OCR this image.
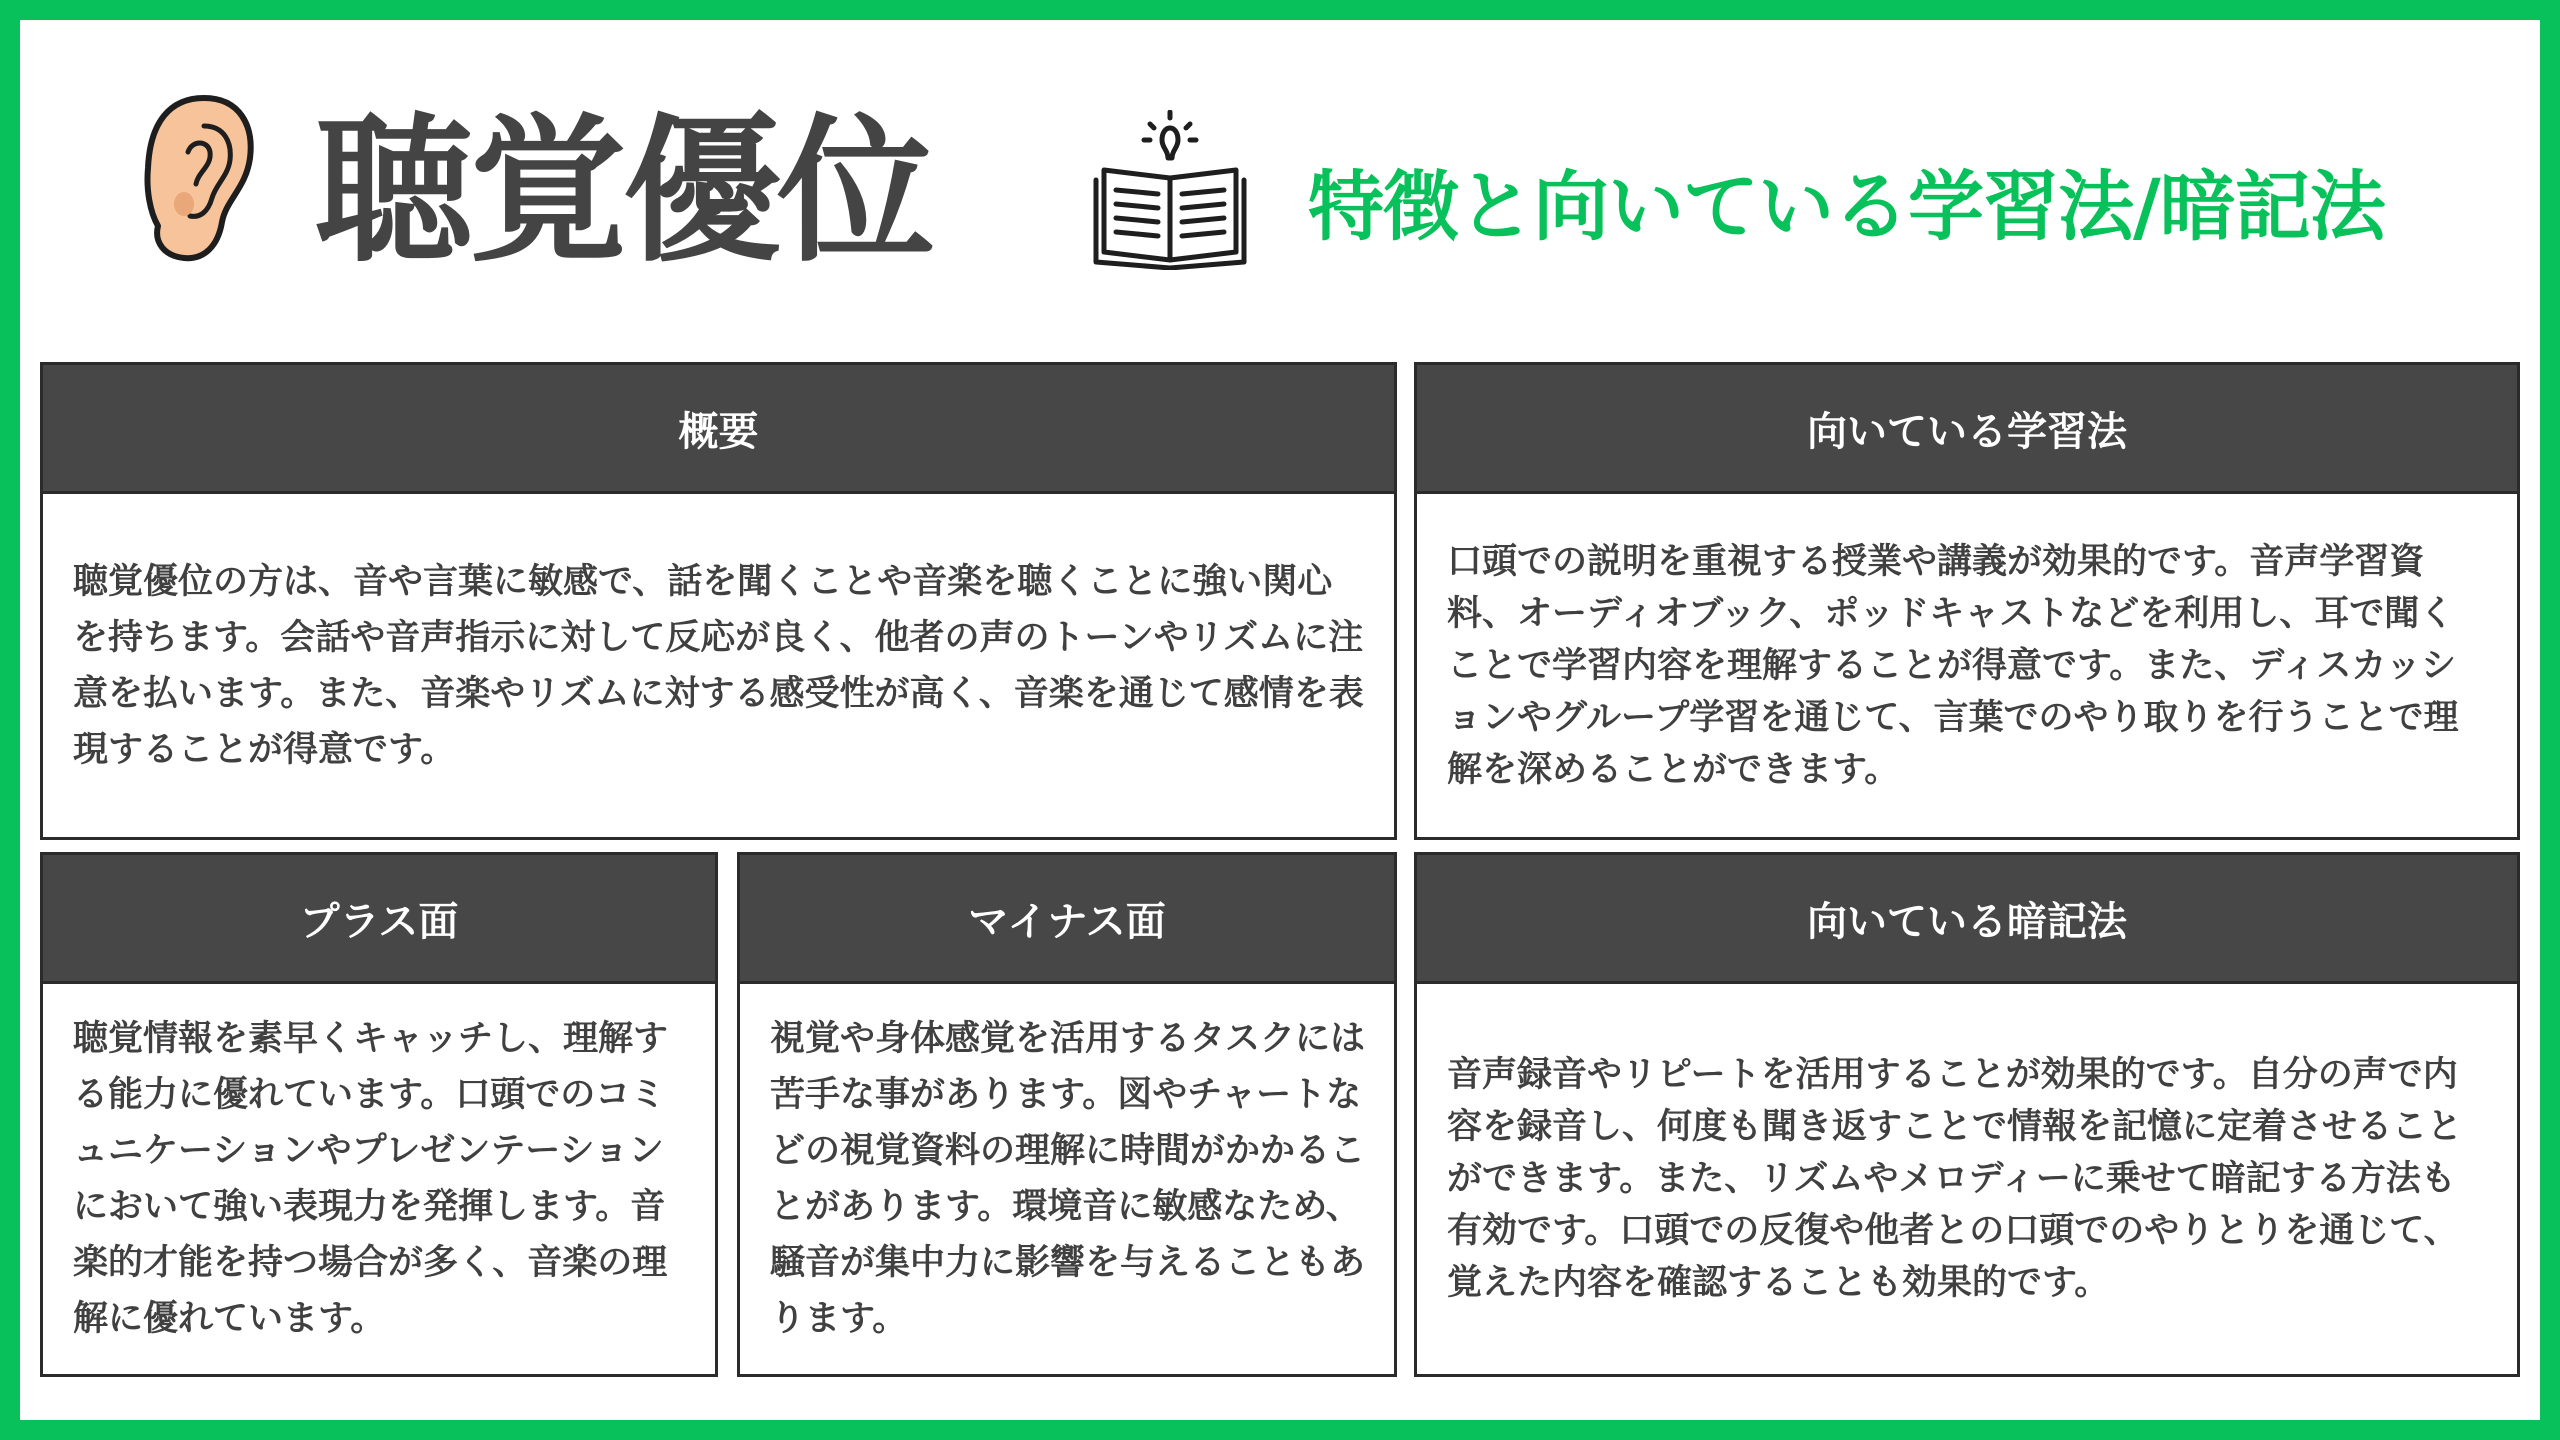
聴覚優位	特徴と向いている学習法/暗記法
概要

聴覚優位の方は、音や言葉に敏感で、話を聞くことや音楽を聴くことに強い関心を持ちます。会話や音声指示に対して反応が良く、他者の声のトーンやリズムに注意を払います。また、音楽やリズムに対する感受性が高く、音楽を通じて感情を表現することが得意です。

向いている学習法

口頭での説明を重視する授業や講義が効果的です。音声学習資料、オーディオブック、ポッドキャストなどを利用し、耳で聞くことで学習内容を理解することが得意です。また、ディスカッションやグループ学習を通じて、言葉でのやり取りを行うことで理解を深めることができます。

プラス面

聴覚情報を素早くキャッチし、理解する能力に優れています。口頭でのコミュニケーションやプレゼンテーションにおいて強い表現力を発揮します。音楽的才能を持つ場合が多く、音楽の理解に優れています。

マイナス面

視覚や身体感覚を活用するタスクには苦手な事があります。図やチャートなどの視覚資料の理解に時間がかかることがあります。環境音に敏感なため、騒音が集中力に影響を与えることもあります。

向いている暗記法

音声録音やリピートを活用することが効果的です。自分の声で内容を録音し、何度も聞き返すことで情報を記憶に定着させることができます。また、リズムやメロディーに乗せて暗記する方法も有効です。口頭での反復や他者との口頭でのやりとりを通じて、覚えた内容を確認することも効果的です。
